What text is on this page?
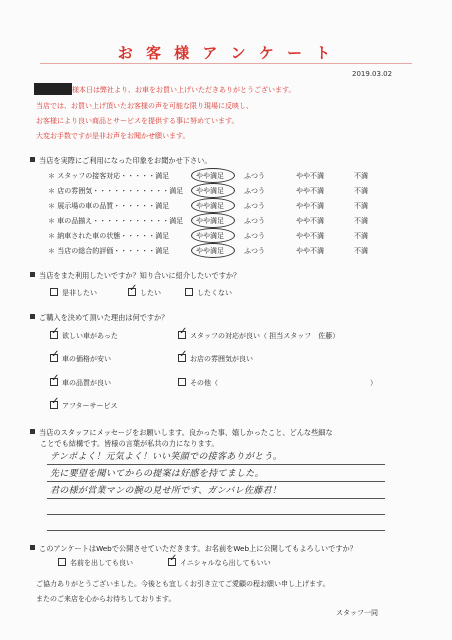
お 客 様 ア ン ケ ー ト
2019.03.02
様本日は弊社より、お車をお買い上げいただきありがとうございます。
当店では、お買い上げ頂いたお客様の声を可能な限り現場に反映し、
お客様により良い商品とサービスを提供する事に努めています。
大変お手数ですが是非お声をお聞かせ願います。
当店を実際にご利用になった印象をお聞かせ下さい。
＊ スタッフの接客対応・・・・・満足	やや満足	ふつう	やや不満	不満
＊ 店の雰囲気・・・・・・・・・・・満足 やや満足	ふつう	やや不満	不満
＊ 展示場の車の品質・・・・・・満足	やや満足	ふつう	やや不満	不満
＊ 車の品揃え・・・・・・・・・・・満足 やや満足	ふつう	やや不満	不満
＊ 納車された車の状態・・・・・満足	やや満足	ふつう	やや不満	不満
＊ 当店の総合的評価・・・・・・満足	やや満足	ふつう	やや不満	不満
当店をまた利用したいですか？知り合いに紹介したいですか？
是非したい	✓ したい	したくない
ご購入を決めて頂いた理由は何ですか？
✓ 欲しい車があった	✓ スタッフの対応が良い（ 担当スタッフ　佐藤）
✓ 車の価格が安い	✓ お店の雰囲気が良い
✓ 車の品質が良い	その他（	）
✓ アフターサービス
当店のスタッフにメッセージをお願いします。良かった事、嬉しかったこと、どんな些細な
ことでも結構です。皆様の言葉が私共の力になります。
テンポよく！元気よく！いい笑顔での接客ありがとう。
先に要望を聞いてからの提案は好感を持てました。
君の様が営業マンの腕の見せ所です、ガンバレ佐藤君！
このアンケートはWebで公開させていただきます。お名前をWeb上に公開してもよろしいですか？
名前を出しても良い	✓ イニシャルなら出してもいい
ご協力ありがとうございました。今後とも宜しくお引き立てご愛顧の程お願い申し上げます。
またのご来店を心からお待ちしております。
スタッフ一同
